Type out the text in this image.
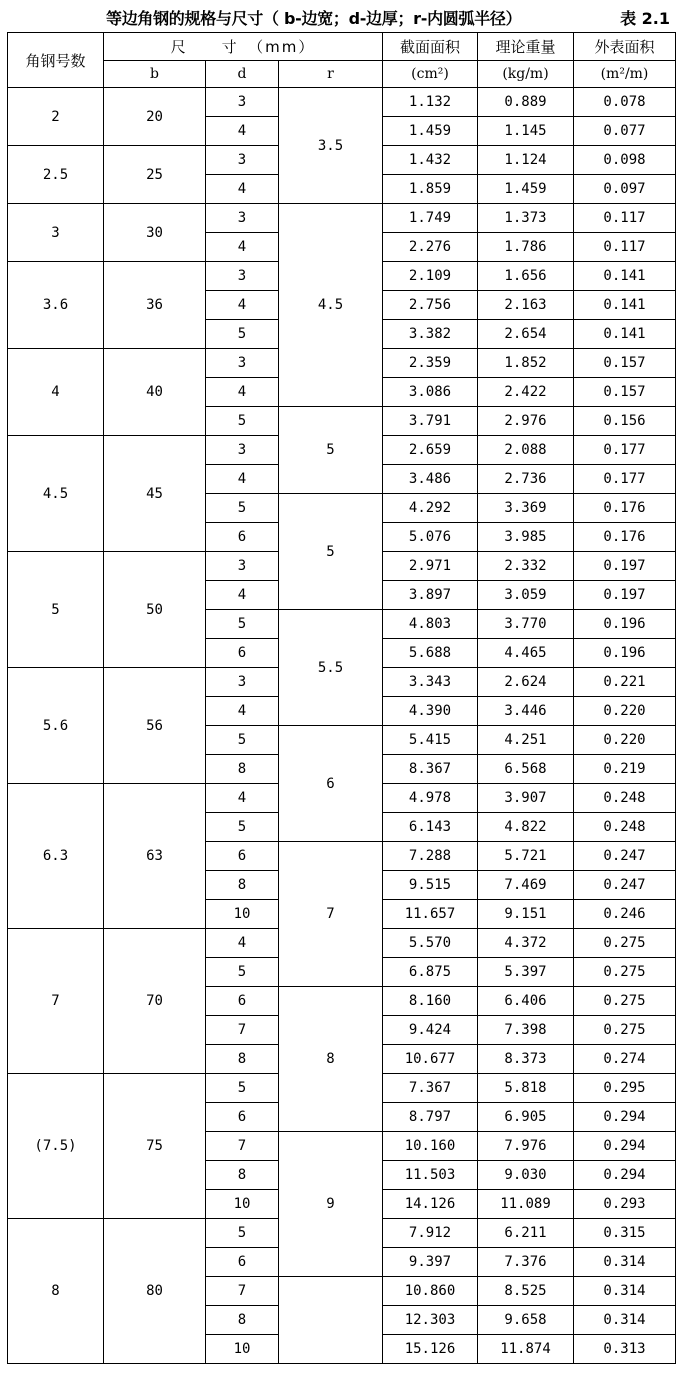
等边角钢的规格与尺寸（ b-边宽；d-边厚；r-内圆弧半径）	表 2.1
角钢号数	尺　　寸　（mm）			截面面积	理论重量	外表面积
	b	d	r	(cm²)	(kg/m)	(m²/m)
2	20	3	3.5	1.132	0.889	0.078
		4		1.459	1.145	0.077
2.5	25	3		1.432	1.124	0.098
		4		1.859	1.459	0.097
3	30	3	4.5	1.749	1.373	0.117
		4		2.276	1.786	0.117
3.6	36	3		2.109	1.656	0.141
		4		2.756	2.163	0.141
		5		3.382	2.654	0.141
4	40	3		2.359	1.852	0.157
		4		3.086	2.422	0.157
		5	5	3.791	2.976	0.156
4.5	45	3		2.659	2.088	0.177
		4		3.486	2.736	0.177
		5	5	4.292	3.369	0.176
		6		5.076	3.985	0.176
5	50	3		2.971	2.332	0.197
		4		3.897	3.059	0.197
		5	5.5	4.803	3.770	0.196
		6		5.688	4.465	0.196
5.6	56	3		3.343	2.624	0.221
		4		4.390	3.446	0.220
		5	6	5.415	4.251	0.220
		8		8.367	6.568	0.219
6.3	63	4		4.978	3.907	0.248
		5		6.143	4.822	0.248
		6	7	7.288	5.721	0.247
		8		9.515	7.469	0.247
		10		11.657	9.151	0.246
7	70	4		5.570	4.372	0.275
		5		6.875	5.397	0.275
		6	8	8.160	6.406	0.275
		7		9.424	7.398	0.275
		8		10.677	8.373	0.274
(7.5)	75	5		7.367	5.818	0.295
		6		8.797	6.905	0.294
		7	9	10.160	7.976	0.294
		8		11.503	9.030	0.294
		10		14.126	11.089	0.293
8	80	5		7.912	6.211	0.315
		6		9.397	7.376	0.314
		7		10.860	8.525	0.314
		8		12.303	9.658	0.314
		10		15.126	11.874	0.313
